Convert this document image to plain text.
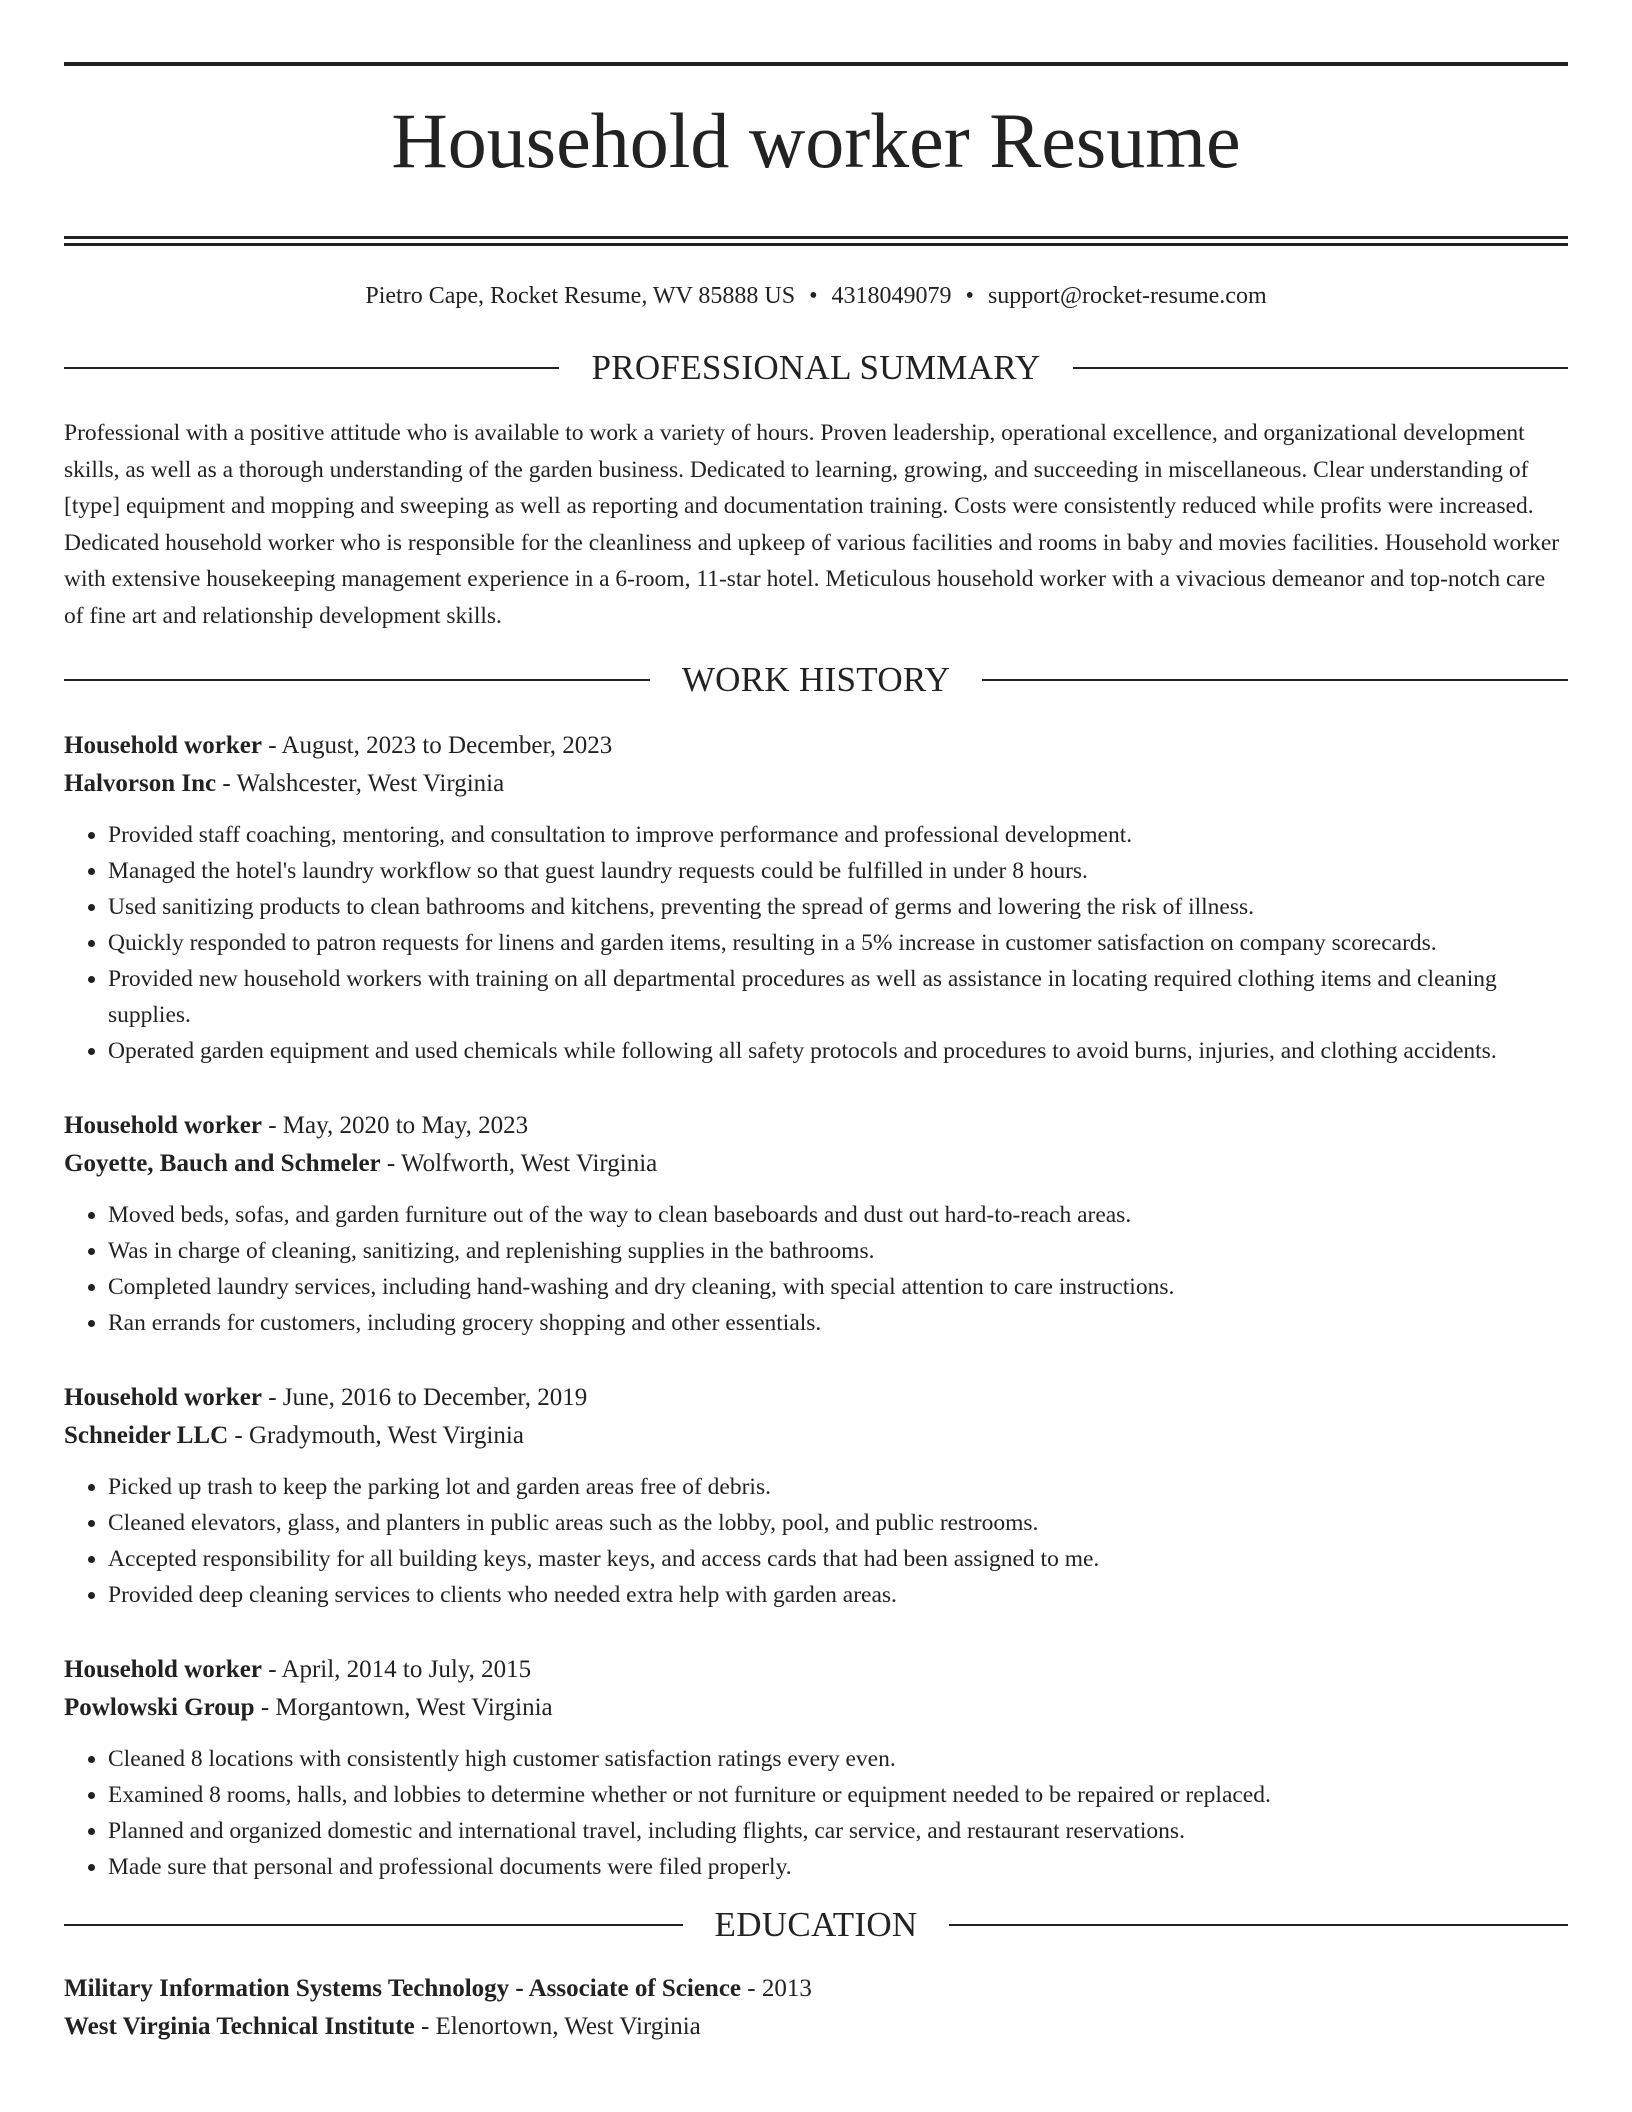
Household worker Resume
Pietro Cape, Rocket Resume, WV 85888 US • 4318049079 • support@rocket-resume.com
PROFESSIONAL SUMMARY

Professional with a positive attitude who is available to work a variety of hours. Proven leadership, operational excellence, and organizational development skills, as well as a thorough understanding of the garden business. Dedicated to learning, growing, and succeeding in miscellaneous. Clear understanding of [type] equipment and mopping and sweeping as well as reporting and documentation training. Costs were consistently reduced while profits were increased. Dedicated household worker who is responsible for the cleanliness and upkeep of various facilities and rooms in baby and movies facilities. Household worker with extensive housekeeping management experience in a 6-room, 11-star hotel. Meticulous household worker with a vivacious demeanor and top-notch care of fine art and relationship development skills.

WORK HISTORY
Household worker - August, 2023 to December, 2023
Halvorson Inc - Walshcester, West Virginia
• Provided staff coaching, mentoring, and consultation to improve performance and professional development.
• Managed the hotel's laundry workflow so that guest laundry requests could be fulfilled in under 8 hours.
• Used sanitizing products to clean bathrooms and kitchens, preventing the spread of germs and lowering the risk of illness.
• Quickly responded to patron requests for linens and garden items, resulting in a 5% increase in customer satisfaction on company scorecards.
• Provided new household workers with training on all departmental procedures as well as assistance in locating required clothing items and cleaning supplies.
• Operated garden equipment and used chemicals while following all safety protocols and procedures to avoid burns, injuries, and clothing accidents.
Household worker - May, 2020 to May, 2023
Goyette, Bauch and Schmeler - Wolfworth, West Virginia
• Moved beds, sofas, and garden furniture out of the way to clean baseboards and dust out hard-to-reach areas.
• Was in charge of cleaning, sanitizing, and replenishing supplies in the bathrooms.
• Completed laundry services, including hand-washing and dry cleaning, with special attention to care instructions.
• Ran errands for customers, including grocery shopping and other essentials.
Household worker - June, 2016 to December, 2019
Schneider LLC - Gradymouth, West Virginia
• Picked up trash to keep the parking lot and garden areas free of debris.
• Cleaned elevators, glass, and planters in public areas such as the lobby, pool, and public restrooms.
• Accepted responsibility for all building keys, master keys, and access cards that had been assigned to me.
• Provided deep cleaning services to clients who needed extra help with garden areas.
Household worker - April, 2014 to July, 2015
Powlowski Group - Morgantown, West Virginia
• Cleaned 8 locations with consistently high customer satisfaction ratings every even.
• Examined 8 rooms, halls, and lobbies to determine whether or not furniture or equipment needed to be repaired or replaced.
• Planned and organized domestic and international travel, including flights, car service, and restaurant reservations.
• Made sure that personal and professional documents were filed properly.
EDUCATION
Military Information Systems Technology - Associate of Science - 2013
West Virginia Technical Institute - Elenortown, West Virginia
